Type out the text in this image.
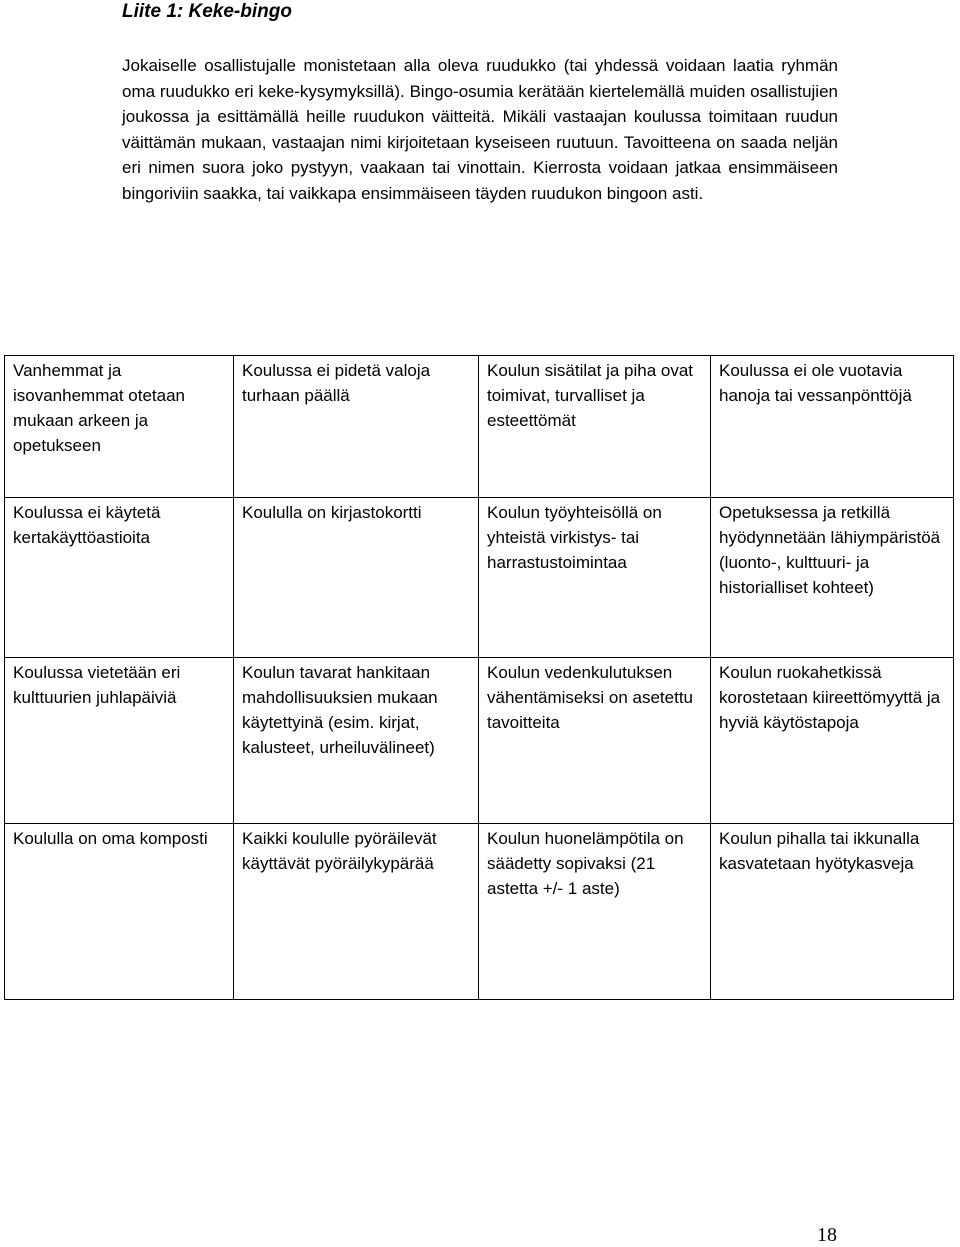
Liite 1: Keke-bingo
Jokaiselle osallistujalle monistetaan alla oleva ruudukko (tai yhdessä voidaan laatia ryhmän oma ruudukko eri keke-kysymyksillä). Bingo-osumia kerätään kiertelemällä muiden osallistujien joukossa ja esittämällä heille ruudukon väitteitä. Mikäli vastaajan koulussa toimitaan ruudun väittämän mukaan, vastaajan nimi kirjoitetaan kyseiseen ruutuun. Tavoitteena on saada neljän eri nimen suora joko pystyyn, vaakaan tai vinottain. Kierrosta voidaan jatkaa ensimmäiseen bingoriviin saakka, tai vaikkapa ensimmäiseen täyden ruudukon bingoon asti.
Vanhemmat ja isovanhemmat otetaan mukaan arkeen ja opetukseen	Koulussa ei pidetä valoja turhaan päällä	Koulun sisätilat ja piha ovat toimivat, turvalliset ja esteettömät	Koulussa ei ole vuotavia hanoja tai vessanpönttöjä

Koulussa ei käytetä kertakäyttöastioita	Koululla on kirjastokortti	Koulun työyhteisöllä on yhteistä virkistys- tai harrastustoimintaa	Opetuksessa ja retkillä hyödynnetään lähiympäristöä (luonto-, kulttuuri- ja historialliset kohteet)

Koulussa vietetään eri kulttuurien juhlapäiviä	Koulun tavarat hankitaan mahdollisuuksien mukaan käytettyinä (esim. kirjat, kalusteet, urheiluvälineet)	Koulun vedenkulutuksen vähentämiseksi on asetettu tavoitteita	Koulun ruokahetkissä korostetaan kiireettömyyttä ja hyviä käytöstapoja

Koululla on oma komposti	Kaikki koululle pyöräilevät käyttävät pyöräilykypärää	Koulun huonelämpötila on säädetty sopivaksi (21 astetta +/- 1 aste)	Koulun pihalla tai ikkunalla kasvatetaan hyötykasveja
18
